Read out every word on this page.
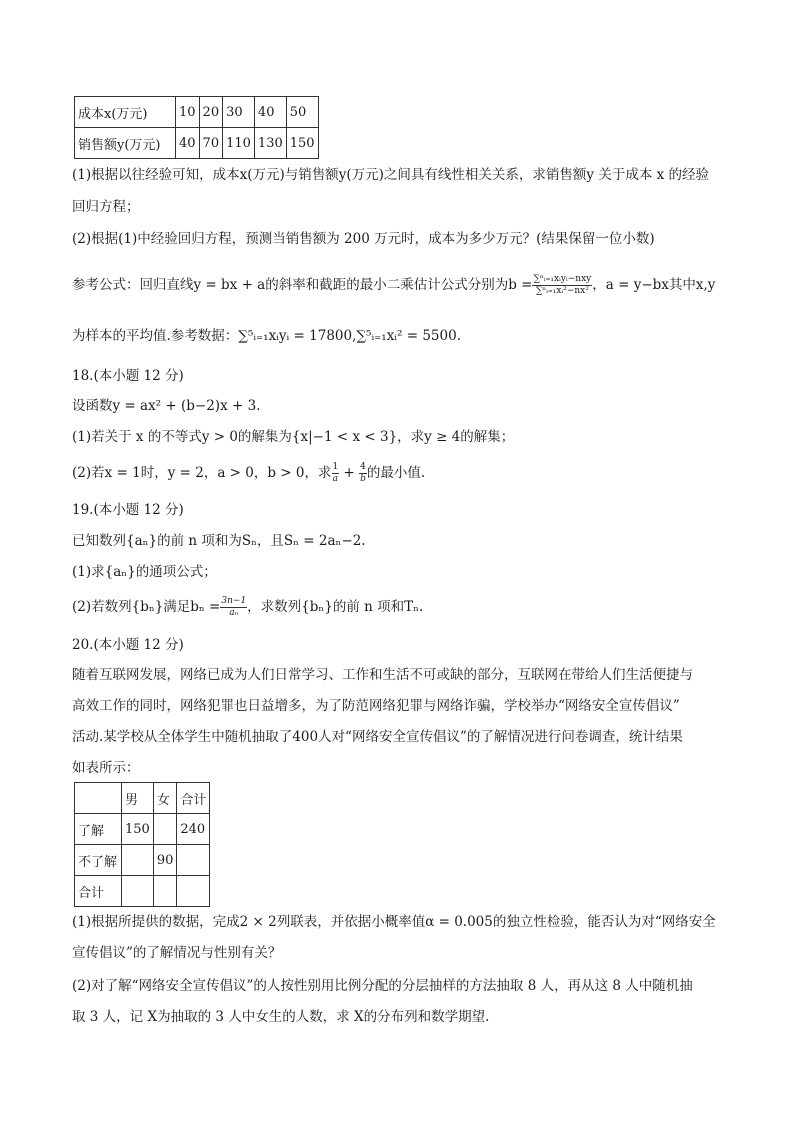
成本x(万元)	10	20	30	40	50
销售额y(万元)	40	70	110	130	150
(1)根据以往经验可知，成本x(万元)与销售额y(万元)之间具有线性相关关系，求销售额y 关于成本 x 的经验
回归方程；
(2)根据(1)中经验回归方程，预测当销售额为 200 万元时，成本为多少万元？(结果保留一位小数)
参考公式：回归直线y = bx + a的斜率和截距的最小二乘估计公式分别为$b = \frac{\text{∑ⁿᵢ₌₁xᵢyᵢ−nxy}}{\text{∑ⁿᵢ₌₁xᵢ²−nx²}}$ ，a = y−bx其中x,y
为样本的平均值.参考数据：∑⁵ᵢ₌₁xᵢyᵢ = 17800,∑⁵ᵢ₌₁xᵢ² = 5500.
18.(本小题 12 分)
设函数y = ax² + (b−2)x + 3.
(1)若关于 x 的不等式y > 0的解集为{x|−1 < x < 3}，求y ≥ 4的解集；
(2)若x = 1时，y = 2，a > 0，b > 0，求 $\frac{1}{a} + \frac{4}{b}$ 的最小值.
19.(本小题 12 分)
已知数列{aₙ}的前 n 项和为Sₙ，且Sₙ = 2aₙ−2.
(1)求{aₙ}的通项公式；
(2)若数列{bₙ}满足$b_n = \frac{3n-1}{\text{aₙ}}$ ，求数列{bₙ}的前 n 项和Tₙ.
20.(本小题 12 分)
随着互联网发展，网络已成为人们日常学习、工作和生活不可或缺的部分，互联网在带给人们生活便捷与
高效工作的同时，网络犯罪也日益增多，为了防范网络犯罪与网络诈骗，学校举办“网络安全宣传倡议”
活动.某学校从全体学生中随机抽取了400人对“网络安全宣传倡议”的了解情况进行问卷调查，统计结果
如表所示：
	男	女	合计
了解	150		240
不了解		90	
合计			
(1)根据所提供的数据，完成2 × 2列联表，并依据小概率值α = 0.005的独立性检验，能否认为对“网络安全
宣传倡议”的了解情况与性别有关？
(2)对了解“网络安全宣传倡议”的人按性别用比例分配的分层抽样的方法抽取 8 人，再从这 8 人中随机抽
取 3 人，记 X为抽取的 3 人中女生的人数，求 X的分布列和数学期望.
